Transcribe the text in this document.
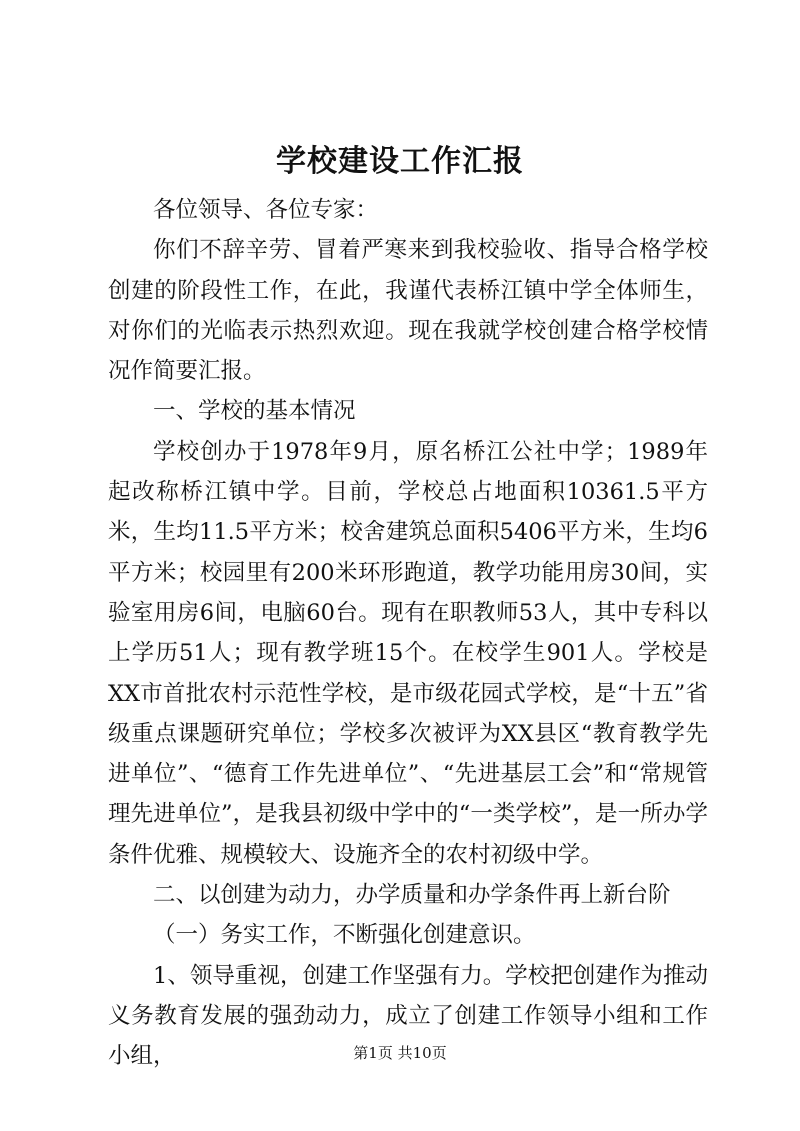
学校建设工作汇报

各位领导、各位专家：

你们不辞辛劳、冒着严寒来到我校验收、指导合格学校创建的阶段性工作，在此，我谨代表桥江镇中学全体师生，对你们的光临表示热烈欢迎。现在我就学校创建合格学校情况作简要汇报。

一、学校的基本情况

学校创办于1978年9月，原名桥江公社中学；1989年起改称桥江镇中学。目前，学校总占地面积10361.5平方米，生均11.5平方米；校舍建筑总面积5406平方米，生均6平方米；校园里有200米环形跑道，教学功能用房30间，实验室用房6间，电脑60台。现有在职教师53人，其中专科以上学历51人；现有教学班15个。在校学生901人。学校是XX市首批农村示范性学校，是市级花园式学校，是“十五”省级重点课题研究单位；学校多次被评为XX县区“教育教学先进单位”、“德育工作先进单位”、“先进基层工会”和“常规管理先进单位”，是我县初级中学中的“一类学校”，是一所办学条件优雅、规模较大、设施齐全的农村初级中学。

二、以创建为动力，办学质量和办学条件再上新台阶

（一）务实工作，不断强化创建意识。

1、领导重视，创建工作坚强有力。学校把创建作为推动义务教育发展的强劲动力，成立了创建工作领导小组和工作小组，	第1页 共10页
